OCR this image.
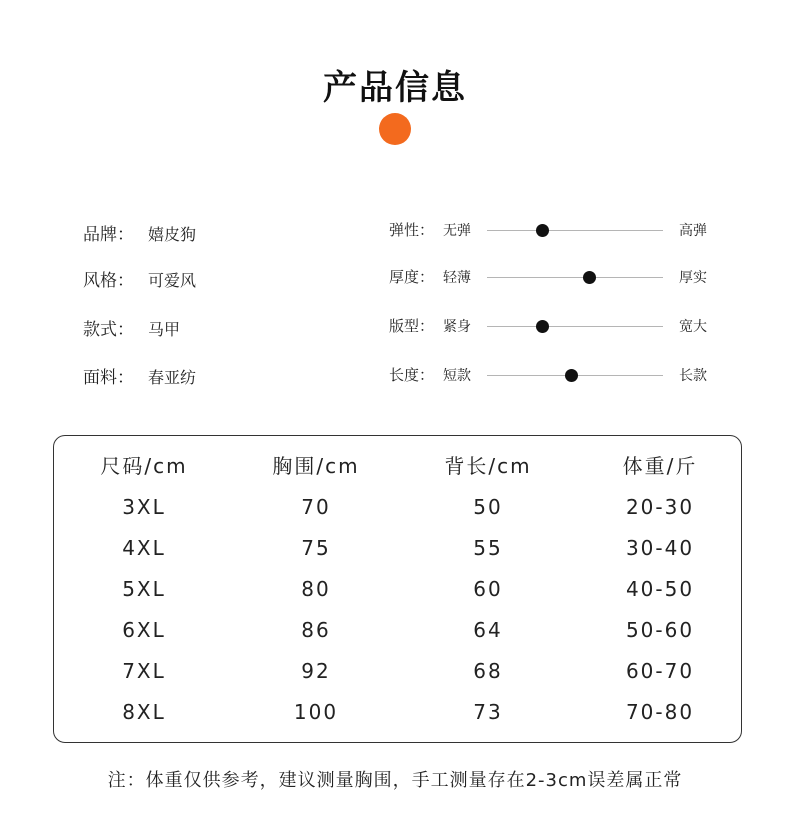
产品信息
品牌： 嬉皮狗
风格： 可爱风
款式： 马甲
面料： 春亚纺
弹性： 无弹	高弹
厚度： 轻薄	厚实
版型： 紧身	宽大
长度： 短款	长款
尺码/cm	胸围/cm	背长/cm	体重/斤
3XL	70	50	20-30
4XL	75	55	30-40
5XL	80	60	40-50
6XL	86	64	50-60
7XL	92	68	60-70
8XL	100	73	70-80
注：体重仅供参考，建议测量胸围，手工测量存在2-3cm误差属正常
